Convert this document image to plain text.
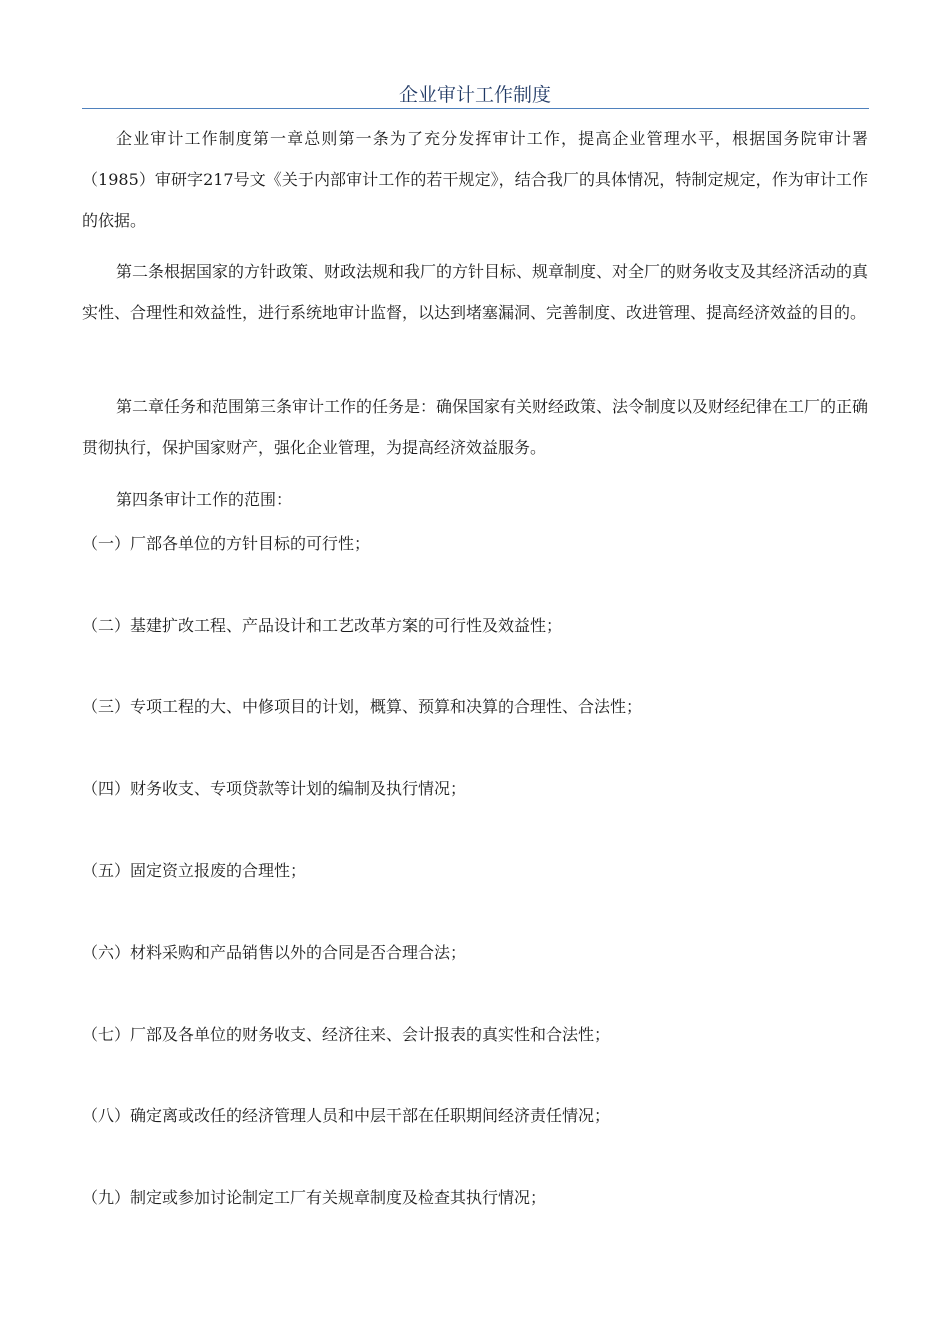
企业审计工作制度

企业审计工作制度第一章总则第一条为了充分发挥审计工作，提高企业管理水平，根据国务院审计署（1985）审研字217号文《关于内部审计工作的若干规定》，结合我厂的具体情况，特制定规定，作为审计工作的依据。

第二条根据国家的方针政策、财政法规和我厂的方针目标、规章制度、对全厂的财务收支及其经济活动的真实性、合理性和效益性，进行系统地审计监督，以达到堵塞漏洞、完善制度、改进管理、提高经济效益的目的。

第二章任务和范围第三条审计工作的任务是：确保国家有关财经政策、法令制度以及财经纪律在工厂的正确贯彻执行，保护国家财产，强化企业管理，为提高经济效益服务。

第四条审计工作的范围：

（一）厂部各单位的方针目标的可行性；

（二）基建扩改工程、产品设计和工艺改革方案的可行性及效益性；

（三）专项工程的大、中修项目的计划，概算、预算和决算的合理性、合法性；

（四）财务收支、专项贷款等计划的编制及执行情况；

（五）固定资立报废的合理性；

（六）材料采购和产品销售以外的合同是否合理合法；

（七）厂部及各单位的财务收支、经济往来、会计报表的真实性和合法性；

（八）确定离或改任的经济管理人员和中层干部在任职期间经济责任情况；

（九）制定或参加讨论制定工厂有关规章制度及检查其执行情况；
